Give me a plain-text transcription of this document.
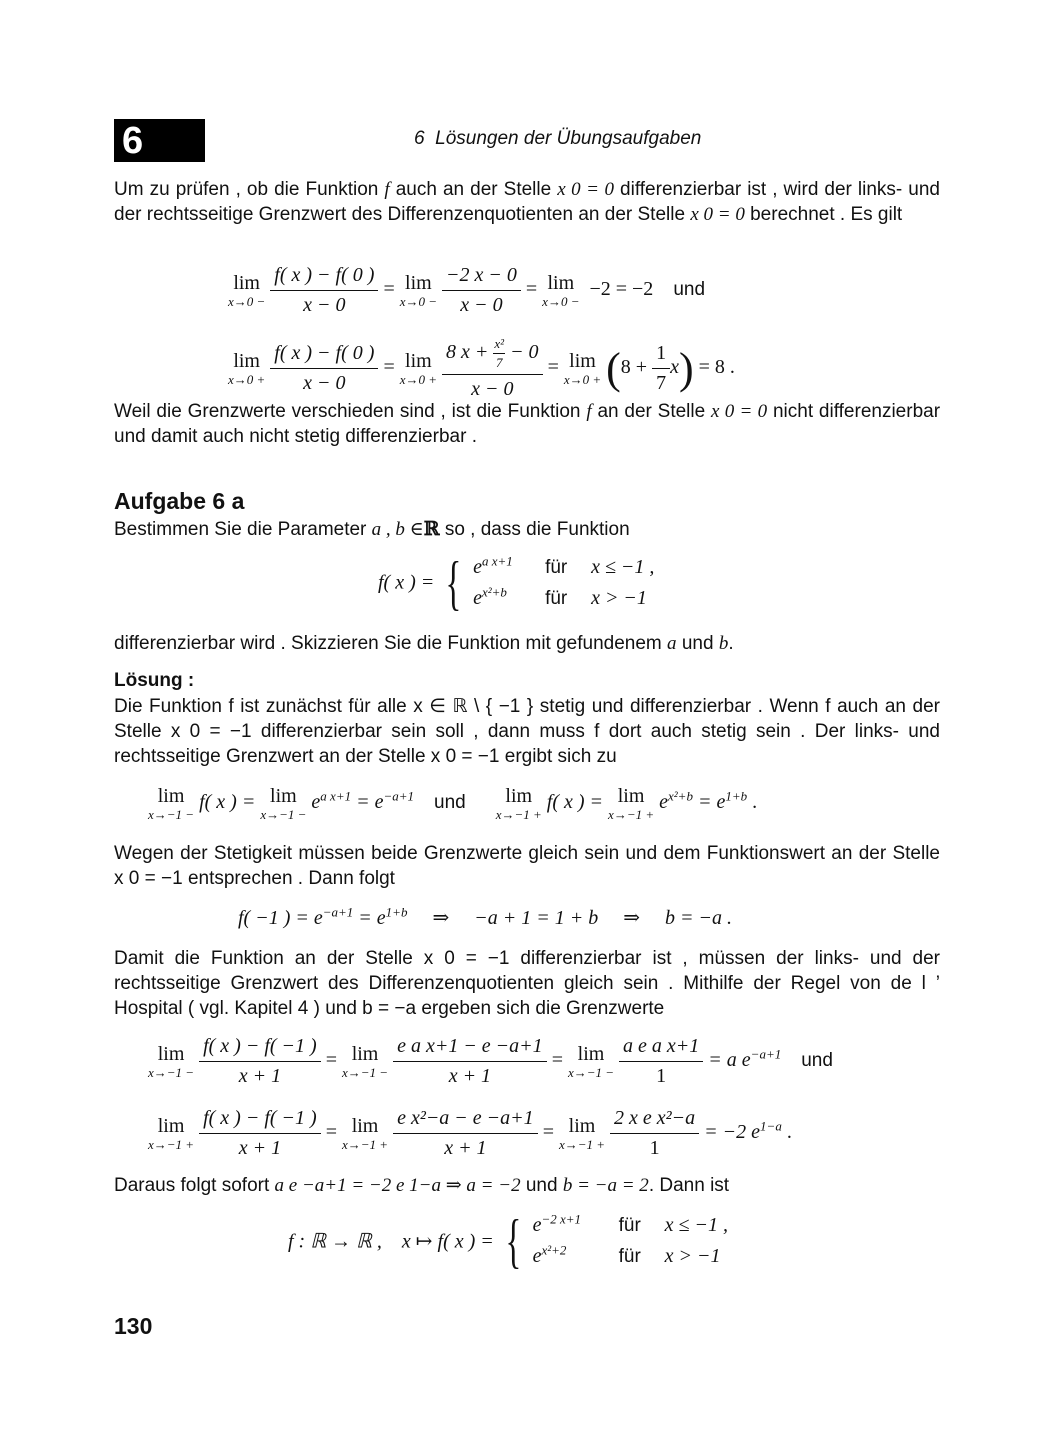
6	6  Lösungen der Übungsaufgaben

Um zu prüfen , ob die Funktion f auch an der Stelle x 0 = 0 differenzierbar ist , wird der links- und der rechtsseitige Grenzwert des Differenzenquotienten an der Stelle x 0 = 0 berechnet . Es gilt

lim
x→0 −
$\frac{f( x ) - f( 0 )}{x - 0} = \lim$
x→0 −
$\frac{-2 x - 0}{x - 0} = \lim$
x→0 −
−2 = −2 und
lim
x→0 +
$\frac{f( x ) - f( 0 )}{x - 0} = \lim$
x→0 +
$\frac{8 x + \frac{\text{x²}}{7} - 0}{x - 0} = \lim$
$x\to 0 + (8 + \frac{1}{7} x) = 8$ .

Weil die Grenzwerte verschieden sind , ist die Funktion f an der Stelle x 0 = 0 nicht differenzierbar und damit auch nicht stetig differenzierbar .

Aufgabe 6 a

Bestimmen Sie die Parameter a , b ∈ℝ so , dass die Funktion

f( x ) = { $e^{a x+1}$ für x ≤ −1 ,
$e^{x^2+b}$ für x > −1

differenzierbar wird . Skizzieren Sie die Funktion mit gefundenem a und b.

Lösung :

Die Funktion f ist zunächst für alle x ∈ ℝ \ { −1 } stetig und differenzierbar . Wenn f auch an der Stelle x 0 = −1 differenzierbar sein soll , dann muss f dort auch stetig sein . Der links- und rechtsseitige Grenzwert an der Stelle x 0 = −1 ergibt sich zu

lim
x→−1 −
f( x ) = lim
x→−1 −
$e^{a x+1} = e^{-a+1}$ und	lim
x→−1 +
f( x ) = lim
x→−1 +
$e^{x^2+b} = e^{1+b}$ .

Wegen der Stetigkeit müssen beide Grenzwerte gleich sein und dem Funktionswert an der Stelle x 0 = −1 entsprechen . Dann folgt

f( −1 ) = $e^{-a+1} = e^{1+b}$ ⇒ −a + 1 = 1 + b ⇒ b = −a .

Damit die Funktion an der Stelle x 0 = −1 differenzierbar ist , müssen der links- und der rechtsseitige Grenzwert des Differenzenquotienten gleich sein . Mithilfe der Regel von de l ’ Hospital ( vgl. Kapitel 4 ) und b = −a ergeben sich die Grenzwerte

lim
x→−1 −
$\frac{f( x ) - f( -1 )}{x + 1} = \lim$
x→−1 −
$\frac{\text{e a x+1 − e −a+1}}{x + 1} = \lim$
x→−1 −
$\frac{\text{a e a x+1}}{1} = a$ $e^{-a+1}$ und
lim
x→−1 +
$\frac{f( x ) - f( -1 )}{x + 1} = \lim$
x→−1 +
$\frac{\text{e x²−a − e −a+1}}{x + 1} = \lim$
x→−1 +
$\frac{\text{2 x e x²−a}}{1} = -2$ $e^{1-a}$ .

Daraus folgt sofort a e −a+1 = −2 e 1−a ⇒ a = −2 und b = −a = 2. Dann ist

f : ℝ → ℝ ,    x ↦ f( x ) = { $e^{-2 x+1}$ für x ≤ −1 ,
$e^{x^2+2}$	für x > −1
130
